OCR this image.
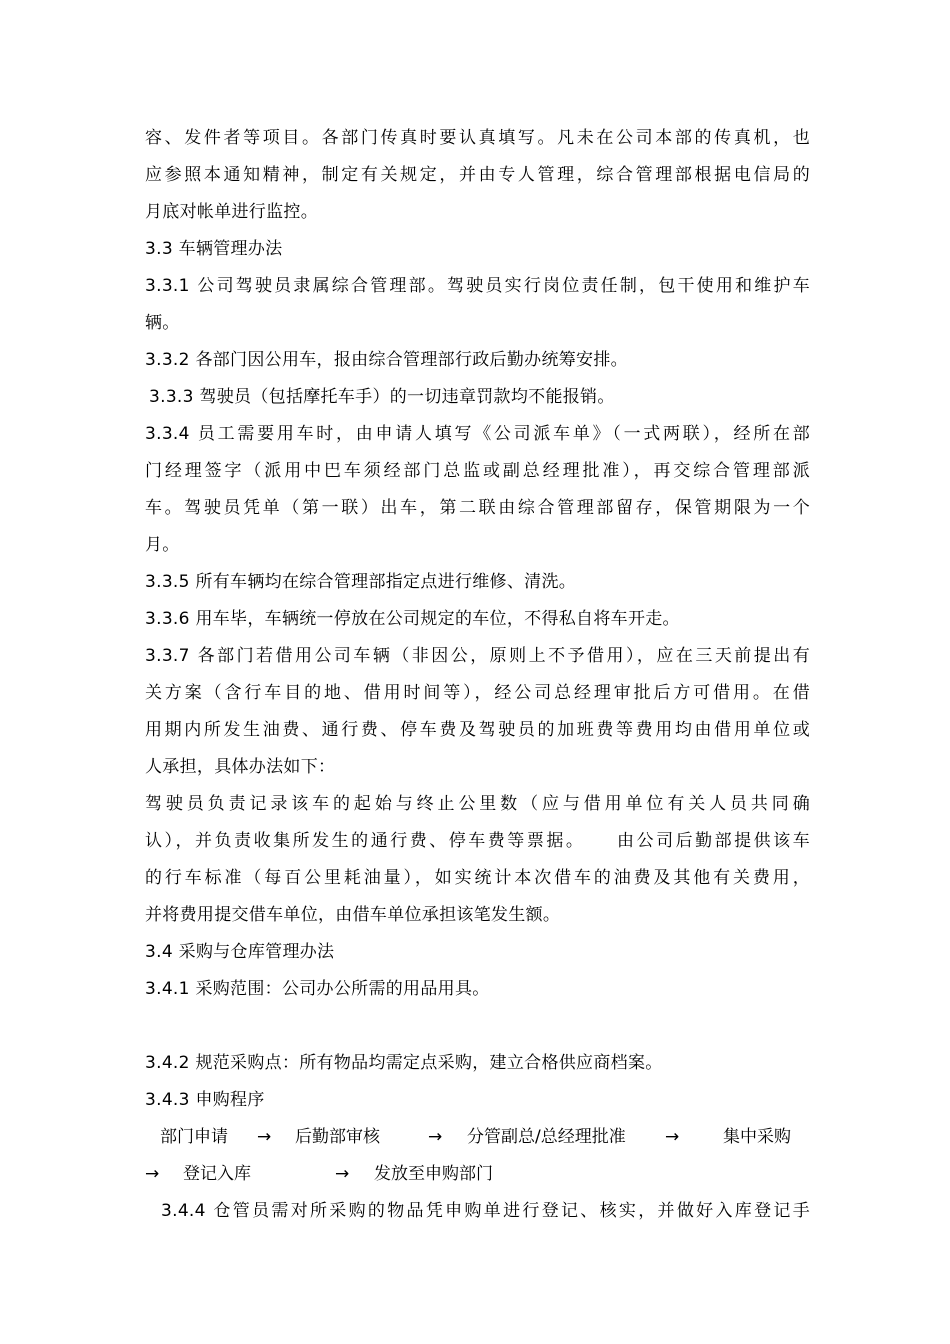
容、发件者等项目。各部门传真时要认真填写。凡未在公司本部的传真机，也
应参照本通知精神，制定有关规定，并由专人管理，综合管理部根据电信局的
月底对帐单进行监控。
3.3 车辆管理办法
3.3.1 公司驾驶员隶属综合管理部。驾驶员实行岗位责任制，包干使用和维护车
辆。
3.3.2 各部门因公用车，报由综合管理部行政后勤办统筹安排。
3.3.3 驾驶员（包括摩托车手）的一切违章罚款均不能报销。
3.3.4 员工需要用车时，由申请人填写《公司派车单》（一式两联），经所在部
门经理签字（派用中巴车须经部门总监或副总经理批准），再交综合管理部派
车。驾驶员凭单（第一联）出车，第二联由综合管理部留存，保管期限为一个
月。
3.3.5 所有车辆均在综合管理部指定点进行维修、清洗。
3.3.6 用车毕，车辆统一停放在公司规定的车位，不得私自将车开走。
3.3.7 各部门若借用公司车辆（非因公，原则上不予借用），应在三天前提出有
关方案（含行车目的地、借用时间等），经公司总经理审批后方可借用。在借
用期内所发生油费、通行费、停车费及驾驶员的加班费等费用均由借用单位或
人承担，具体办法如下：
驾驶员负责记录该车的起始与终止公里数（应与借用单位有关人员共同确
认），并负责收集所发生的通行费、停车费等票据。    由公司后勤部提供该车
的行车标准（每百公里耗油量），如实统计本次借车的油费及其他有关费用，
并将费用提交借车单位，由借车单位承担该笔发生额。
3.4 采购与仓库管理办法
3.4.1 采购范围：公司办公所需的用品用具。
3.4.2 规范采购点：所有物品均需定点采购，建立合格供应商档案。
3.4.3 申购程序
部门申请 → 后勤部审核	→ 分管副总/总经理批准 →	集中采购
→ 登记入库	→ 发放至申购部门
3.4.4 仓管员需对所采购的物品凭申购单进行登记、核实，并做好入库登记手
